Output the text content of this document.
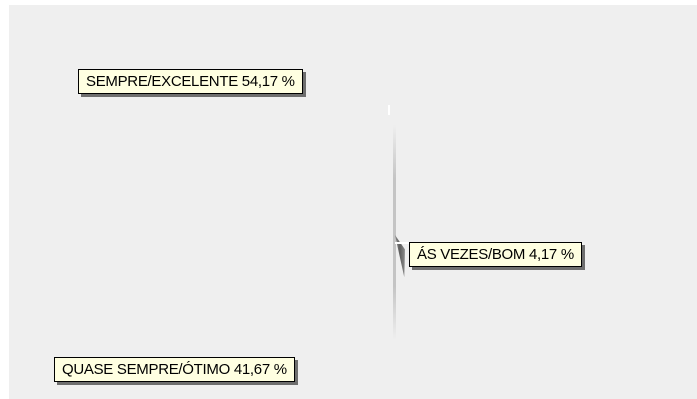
SEMPRE/EXCELENTE 54,17 %
ÁS VEZES/BOM 4,17 %
QUASE SEMPRE/ÓTIMO 41,67 %
